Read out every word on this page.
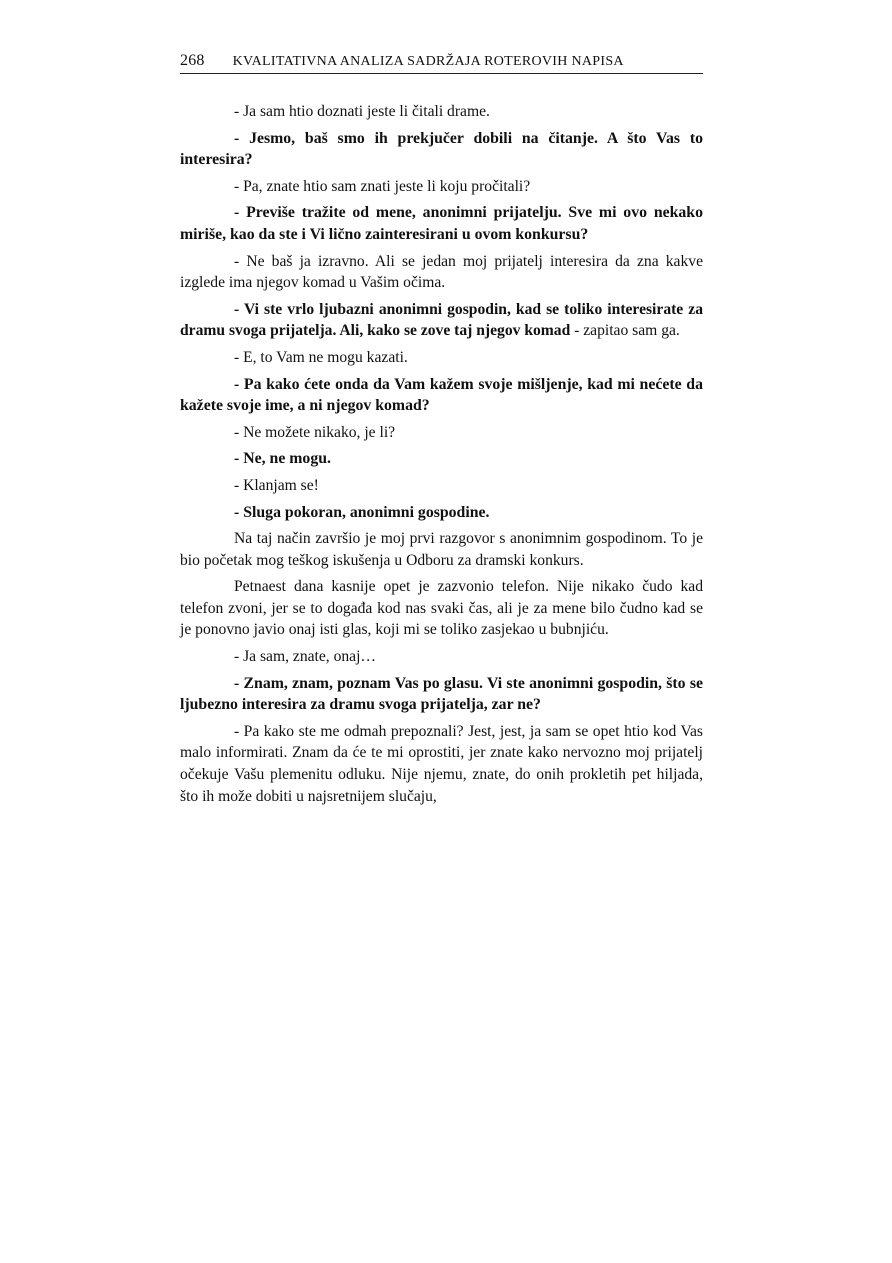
268 KVALITATIVNA ANALIZA SADRŽAJA ROTEROVIH NAPISA

- Ja sam htio doznati jeste li čitali drame.

- Jesmo, baš smo ih prekjučer dobili na čitanje. A što Vas to interesira?

- Pa, znate htio sam znati jeste li koju pročitali?

- Previše tražite od mene, anonimni prijatelju. Sve mi ovo nekako miriše, kao da ste i Vi lično zainteresirani u ovom konkursu?

- Ne baš ja izravno. Ali se jedan moj prijatelj interesira da zna kakve izglede ima njegov komad u Vašim očima.

- Vi ste vrlo ljubazni anonimni gospodin, kad se toliko interesirate za dramu svoga prijatelja. Ali, kako se zove taj njegov komad - zapitao sam ga.

- E, to Vam ne mogu kazati.

- Pa kako ćete onda da Vam kažem svoje mišljenje, kad mi nećete da kažete svoje ime, a ni njegov komad?

- Ne možete nikako, je li?

- Ne, ne mogu.

- Klanjam se!

- Sluga pokoran, anonimni gospodine.

Na taj način završio je moj prvi razgovor s anonimnim gospodinom. To je bio početak mog teškog iskušenja u Odboru za dramski konkurs.

Petnaest dana kasnije opet je zazvonio telefon. Nije nikako čudo kad telefon zvoni, jer se to događa kod nas svaki čas, ali je za mene bilo čudno kad se je ponovno javio onaj isti glas, koji mi se toliko zasjekao u bubnjiću.

- Ja sam, znate, onaj…

- Znam, znam, poznam Vas po glasu. Vi ste anonimni gospodin, što se ljubezno interesira za dramu svoga prijatelja, zar ne?

- Pa kako ste me odmah prepoznali? Jest, jest, ja sam se opet htio kod Vas malo informirati. Znam da će te mi oprostiti, jer znate kako nervozno moj prijatelj očekuje Vašu plemenitu odluku. Nije njemu, znate, do onih prokletih pet hiljada, što ih može dobiti u najsretnijem slučaju,
